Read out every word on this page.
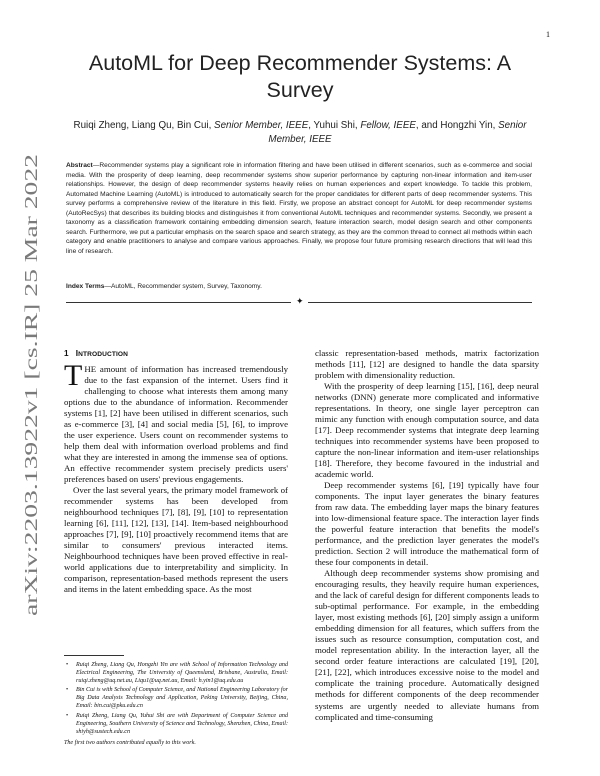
1
arXiv:2203.13922v1 [cs.IR] 25 Mar 2022
AutoML for Deep Recommender Systems: A Survey
Ruiqi Zheng, Liang Qu, Bin Cui, Senior Member, IEEE, Yuhui Shi, Fellow, IEEE, and Hongzhi Yin, Senior
Member, IEEE
Abstract—Recommender systems play a significant role in information filtering and have been utilised in different scenarios, such as e-commerce and social media. With the prosperity of deep learning, deep recommender systems show superior performance by capturing non-linear information and item-user relationships. However, the design of deep recommender systems heavily relies on human experiences and expert knowledge. To tackle this problem, Automated Machine Learning (AutoML) is introduced to automatically search for the proper candidates for different parts of deep recommender systems. This survey performs a comprehensive review of the literature in this field. Firstly, we propose an abstract concept for AutoML for deep recommender systems (AutoRecSys) that describes its building blocks and distinguishes it from conventional AutoML techniques and recommender systems. Secondly, we present a taxonomy as a classification framework containing embedding dimension search, feature interaction search, model design search and other components search. Furthermore, we put a particular emphasis on the search space and search strategy, as they are the common thread to connect all methods within each category and enable practitioners to analyse and compare various approaches. Finally, we propose four future promising research directions that will lead this line of research.
Index Terms—AutoML, Recommender system, Survey, Taxonomy.
✦
1 INTRODUCTION

THE amount of information has increased tremendously due to the fast expansion of the internet. Users find it challenging to choose what interests them among many options due to the abundance of information. Recommender systems [1], [2] have been utilised in different scenarios, such as e-commerce [3], [4] and social media [5], [6], to improve the user experience. Users count on recommender systems to help them deal with information overload problems and find what they are interested in among the immense sea of options. An effective recommender system precisely predicts users' preferences based on users' previous engagements.

Over the last several years, the primary model framework of recommender systems has been developed from neighbourhood techniques [7], [8], [9], [10] to representation learning [6], [11], [12], [13], [14]. Item-based neighbourhood approaches [7], [9], [10] proactively recommend items that are similar to consumers' previous interacted items. Neighbourhood techniques have been proved effective in real-world applications due to interpretability and simplicity. In comparison, representation-based methods represent the users and items in the latent embedding space. As the most

• Ruiqi Zheng, Liang Qu, Hongzhi Yin are with School of Information Technology and Electrical Engineering, The University of Queensland, Brisbane, Australia, Email: ruiqi.zheng@uq.net.au, Liqu1@uq.net.au, Email: h.yin1@uq.edu.au
• Bin Cui is with School of Computer Science, and National Engineering Laboratory for Big Data Analysis Technology and Application, Peking University, Beijing, China, Email: bin.cui@pku.edu.cn
• Ruiqi Zheng, Liang Qu, Yuhui Shi are with Department of Computer Science and Engineering, Southern University of Science and Technology, Shenzhen, China, Email: shiyh@sustech.edu.cn
The first two authors contributed equally to this work.

classic representation-based methods, matrix factorization methods [11], [12] are designed to handle the data sparsity problem with dimensionality reduction.

With the prosperity of deep learning [15], [16], deep neural networks (DNN) generate more complicated and informative representations. In theory, one single layer perceptron can mimic any function with enough computation source, and data [17]. Deep recommender systems that integrate deep learning techniques into recommender systems have been proposed to capture the non-linear information and item-user relationships [18]. Therefore, they become favoured in the industrial and academic world.

Deep recommender systems [6], [19] typically have four components. The input layer generates the binary features from raw data. The embedding layer maps the binary features into low-dimensional feature space. The interaction layer finds the powerful feature interaction that benefits the model's performance, and the prediction layer generates the model's prediction. Section 2 will introduce the mathematical form of these four components in detail.

Although deep recommender systems show promising and encouraging results, they heavily require human experiences, and the lack of careful design for different components leads to sub-optimal performance. For example, in the embedding layer, most existing methods [6], [20] simply assign a uniform embedding dimension for all features, which suffers from the issues such as resource consumption, computation cost, and model representation ability. In the interaction layer, all the second order feature interactions are calculated [19], [20], [21], [22], which introduces excessive noise to the model and complicate the training procedure. Automatically designed methods for different components of the deep recommender systems are urgently needed to alleviate humans from complicated and time-consuming
